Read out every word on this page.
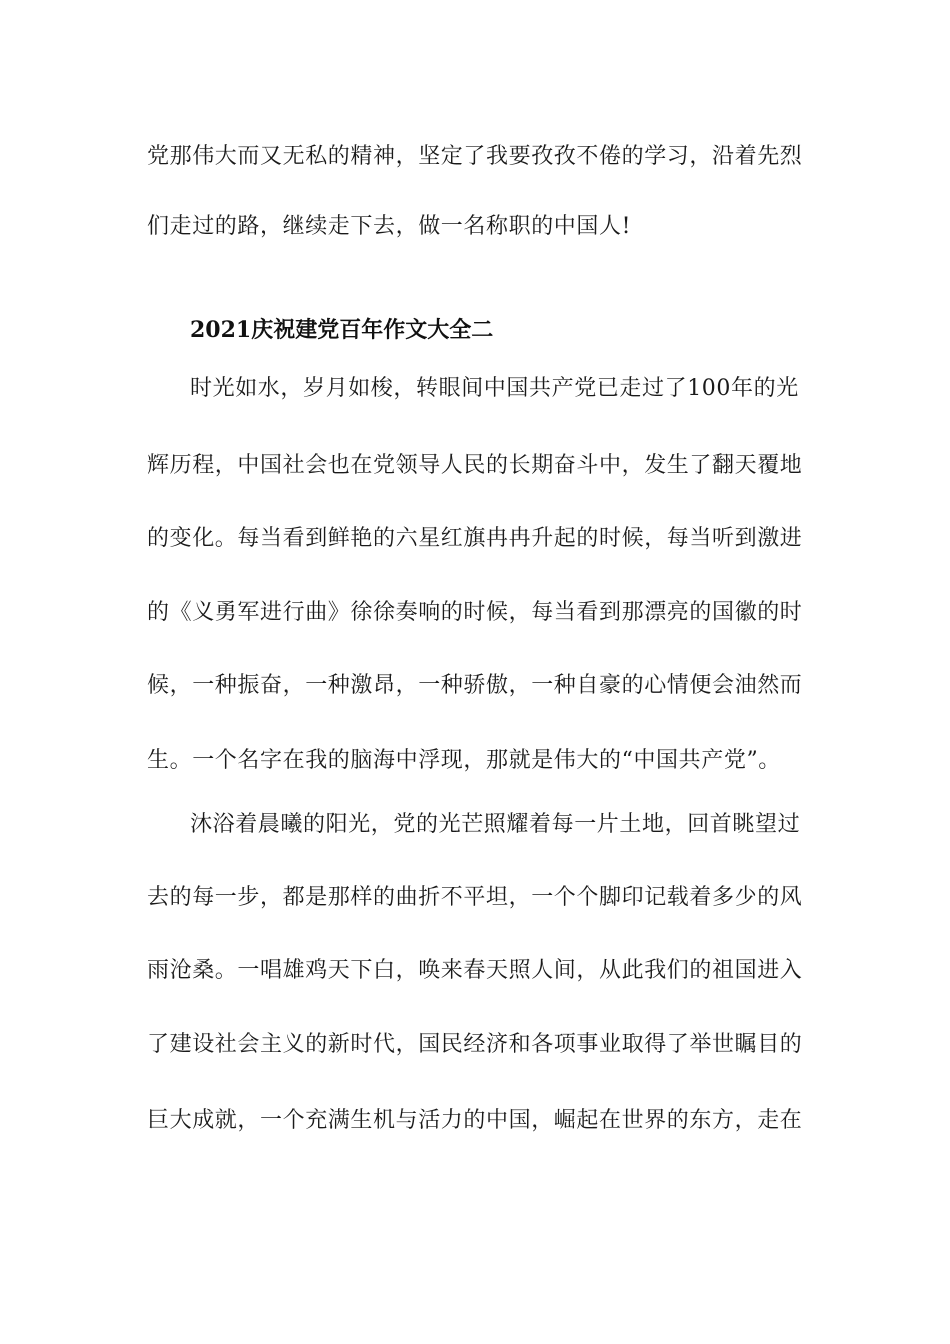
党那伟大而又无私的精神，坚定了我要孜孜不倦的学习，沿着先烈
们走过的路，继续走下去，做一名称职的中国人!
2021庆祝建党百年作文大全二
时光如水，岁月如梭，转眼间中国共产党已走过了100年的光
辉历程，中国社会也在党领导人民的长期奋斗中，发生了翻天覆地
的变化。每当看到鲜艳的六星红旗冉冉升起的时候，每当听到激进
的《义勇军进行曲》徐徐奏响的时候，每当看到那漂亮的国徽的时
候，一种振奋，一种激昂，一种骄傲，一种自豪的心情便会油然而
生。一个名字在我的脑海中浮现，那就是伟大的“中国共产党”。
沐浴着晨曦的阳光，党的光芒照耀着每一片土地，回首眺望过
去的每一步，都是那样的曲折不平坦，一个个脚印记载着多少的风
雨沧桑。一唱雄鸡天下白，唤来春天照人间，从此我们的祖国进入
了建设社会主义的新时代，国民经济和各项事业取得了举世瞩目的
巨大成就，一个充满生机与活力的中国，崛起在世界的东方，走在
